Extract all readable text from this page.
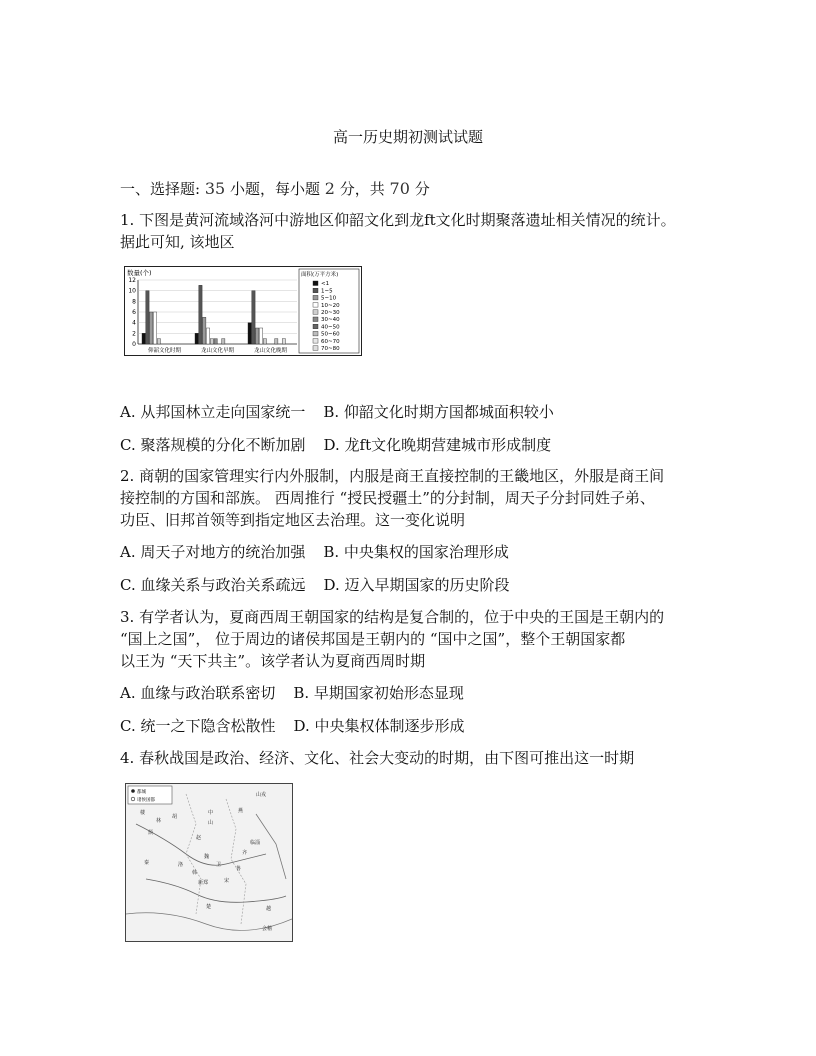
高一历史期初测试试题
一、选择题: 35 小题，每小题 2 分，共 70 分
1. 下图是黄河流域洛河中游地区仰韶文化到龙ft文化时期聚落遗址相关情况的统计。
据此可知, 该地区
数量(个)
0
2
4
6
8
10
12
仰韶文化时期	龙山文化早期	龙山文化晚期
面积(万平方米)
<1
1~5
5~10
10~20
20~30
30~40
40~50
50~60
60~70
70~80
A. 从邦国林立走向国家统一 B. 仰韶文化时期方国都城面积较小
C. 聚落规模的分化不断加剧 D. 龙ft文化晚期营建城市形成制度
2. 商朝的国家管理实行内外服制，内服是商王直接控制的王畿地区，外服是商王间
接控制的方国和部族。 西周推行 “授民授疆土”的分封制，周天子分封同姓子弟、
功臣、旧邦首领等到指定地区去治理。这一变化说明
A. 周天子对地方的统治加强 B. 中央集权的国家治理形成
C. 血缘关系与政治关系疏远 D. 迈入早期国家的历史阶段
3. 有学者认为，夏商西周王朝国家的结构是复合制的，位于中央的王国是王朝内的
“国上之国”， 位于周边的诸侯邦国是王朝内的 “国中之国”，整个王朝国家都
以王为 “天下共主”。该学者认为夏商西周时期
A. 血缘与政治联系密切 B. 早期国家初始形态显现
C. 统一之下隐含松散性 D. 中央集权体制逐步形成
4. 春秋战国是政治、经济、文化、社会大变动的时期，由下图可推出这一时期
都城
诸侯国都
楼
林
胡
烦
中
山
赵
燕
临淄
齐
鲁
宋
魏
韩
卫
秦	洛
新郑
楚	越
会稽
山戎
